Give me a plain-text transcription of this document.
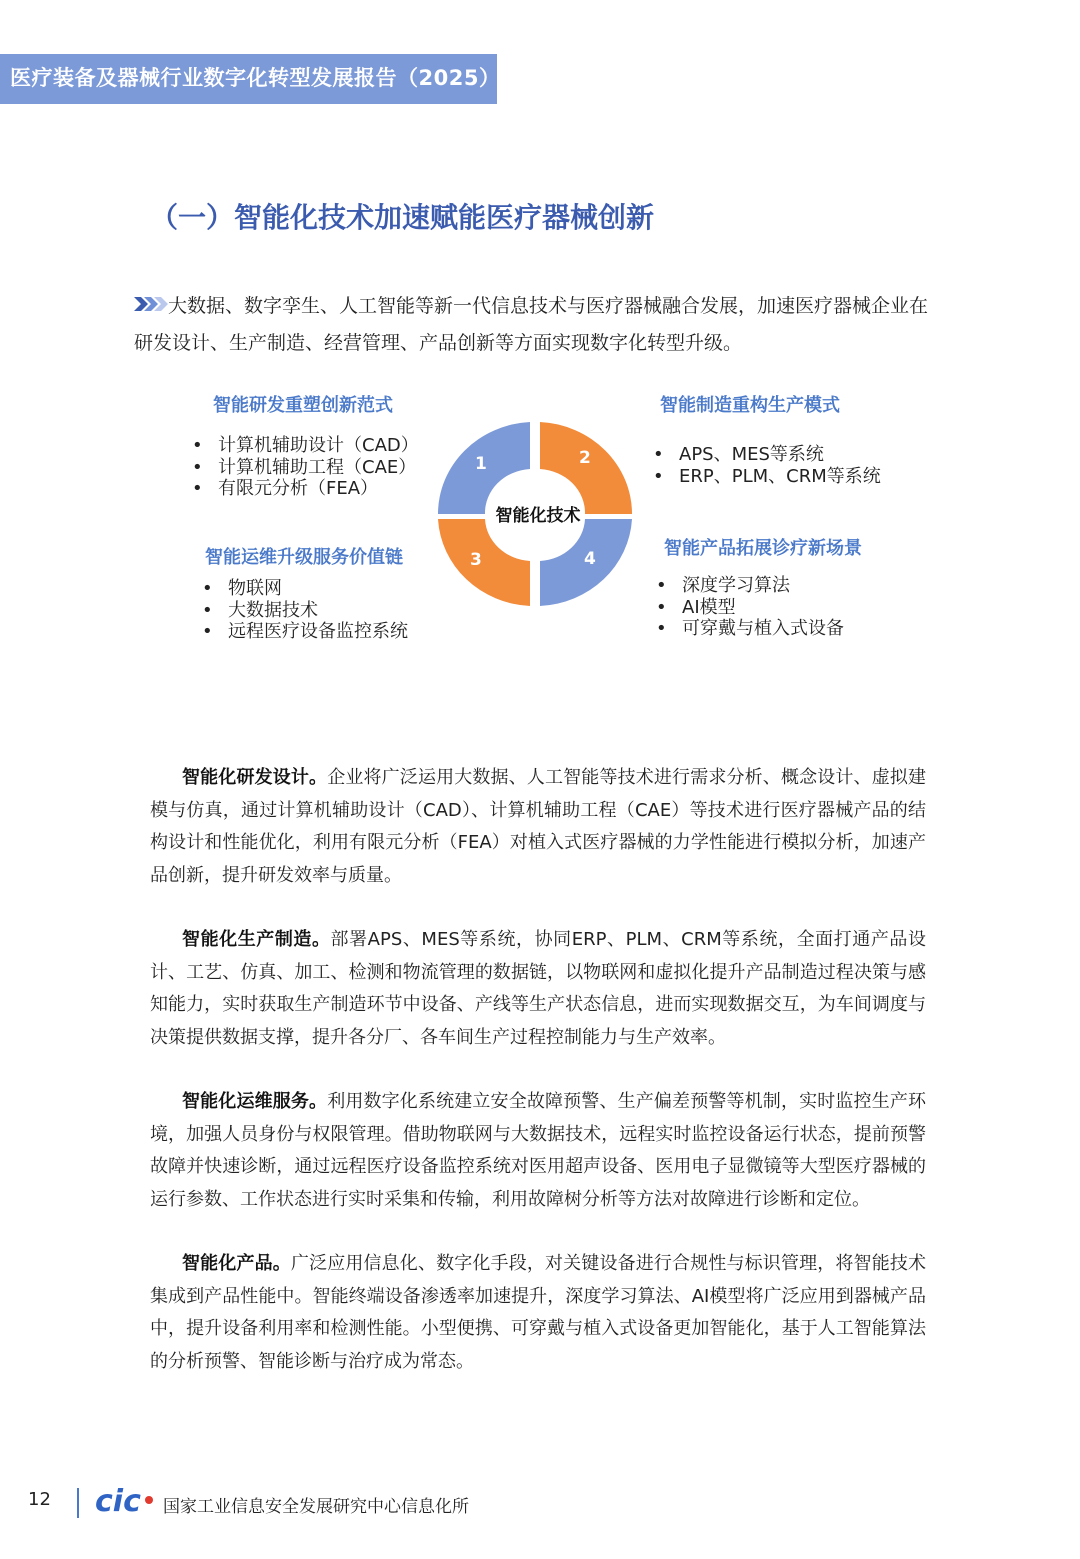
医疗装备及器械行业数字化转型发展报告（2025）
（一）智能化技术加速赋能医疗器械创新

大数据、数字孪生、人工智能等新一代信息技术与医疗器械融合发展，加速医疗器械企业在研发设计、生产制造、经营管理、产品创新等方面实现数字化转型升级。

智能研发重塑创新范式
• 计算机辅助设计（CAD）
• 计算机辅助工程（CAE）
• 有限元分析（FEA）
智能制造重构生产模式
• APS、MES等系统
• ERP、PLM、CRM等系统
智能运维升级服务价值链
• 物联网
• 大数据技术
• 远程医疗设备监控系统
智能产品拓展诊疗新场景
• 深度学习算法
• AI模型
• 可穿戴与植入式设备
1	2
3	4
智能化技术

智能化研发设计。企业将广泛运用大数据、人工智能等技术进行需求分析、概念设计、虚拟建模与仿真，通过计算机辅助设计（CAD）、计算机辅助工程（CAE）等技术进行医疗器械产品的结构设计和性能优化，利用有限元分析（FEA）对植入式医疗器械的力学性能进行模拟分析，加速产品创新，提升研发效率与质量。

智能化生产制造。部署APS、MES等系统，协同ERP、PLM、CRM等系统，全面打通产品设计、工艺、仿真、加工、检测和物流管理的数据链，以物联网和虚拟化提升产品制造过程决策与感知能力，实时获取生产制造环节中设备、产线等生产状态信息，进而实现数据交互，为车间调度与决策提供数据支撑，提升各分厂、各车间生产过程控制能力与生产效率。

智能化运维服务。利用数字化系统建立安全故障预警、生产偏差预警等机制，实时监控生产环境，加强人员身份与权限管理。借助物联网与大数据技术，远程实时监控设备运行状态，提前预警故障并快速诊断，通过远程医疗设备监控系统对医用超声设备、医用电子显微镜等大型医疗器械的运行参数、工作状态进行实时采集和传输，利用故障树分析等方法对故障进行诊断和定位。

智能化产品。广泛应用信息化、数字化手段，对关键设备进行合规性与标识管理，将智能技术集成到产品性能中。智能终端设备渗透率加速提升，深度学习算法、AI模型将广泛应用到器械产品中，提升设备利用率和检测性能。小型便携、可穿戴与植入式设备更加智能化，基于人工智能算法的分析预警、智能诊断与治疗成为常态。

12 cic 国家工业信息安全发展研究中心信息化所
